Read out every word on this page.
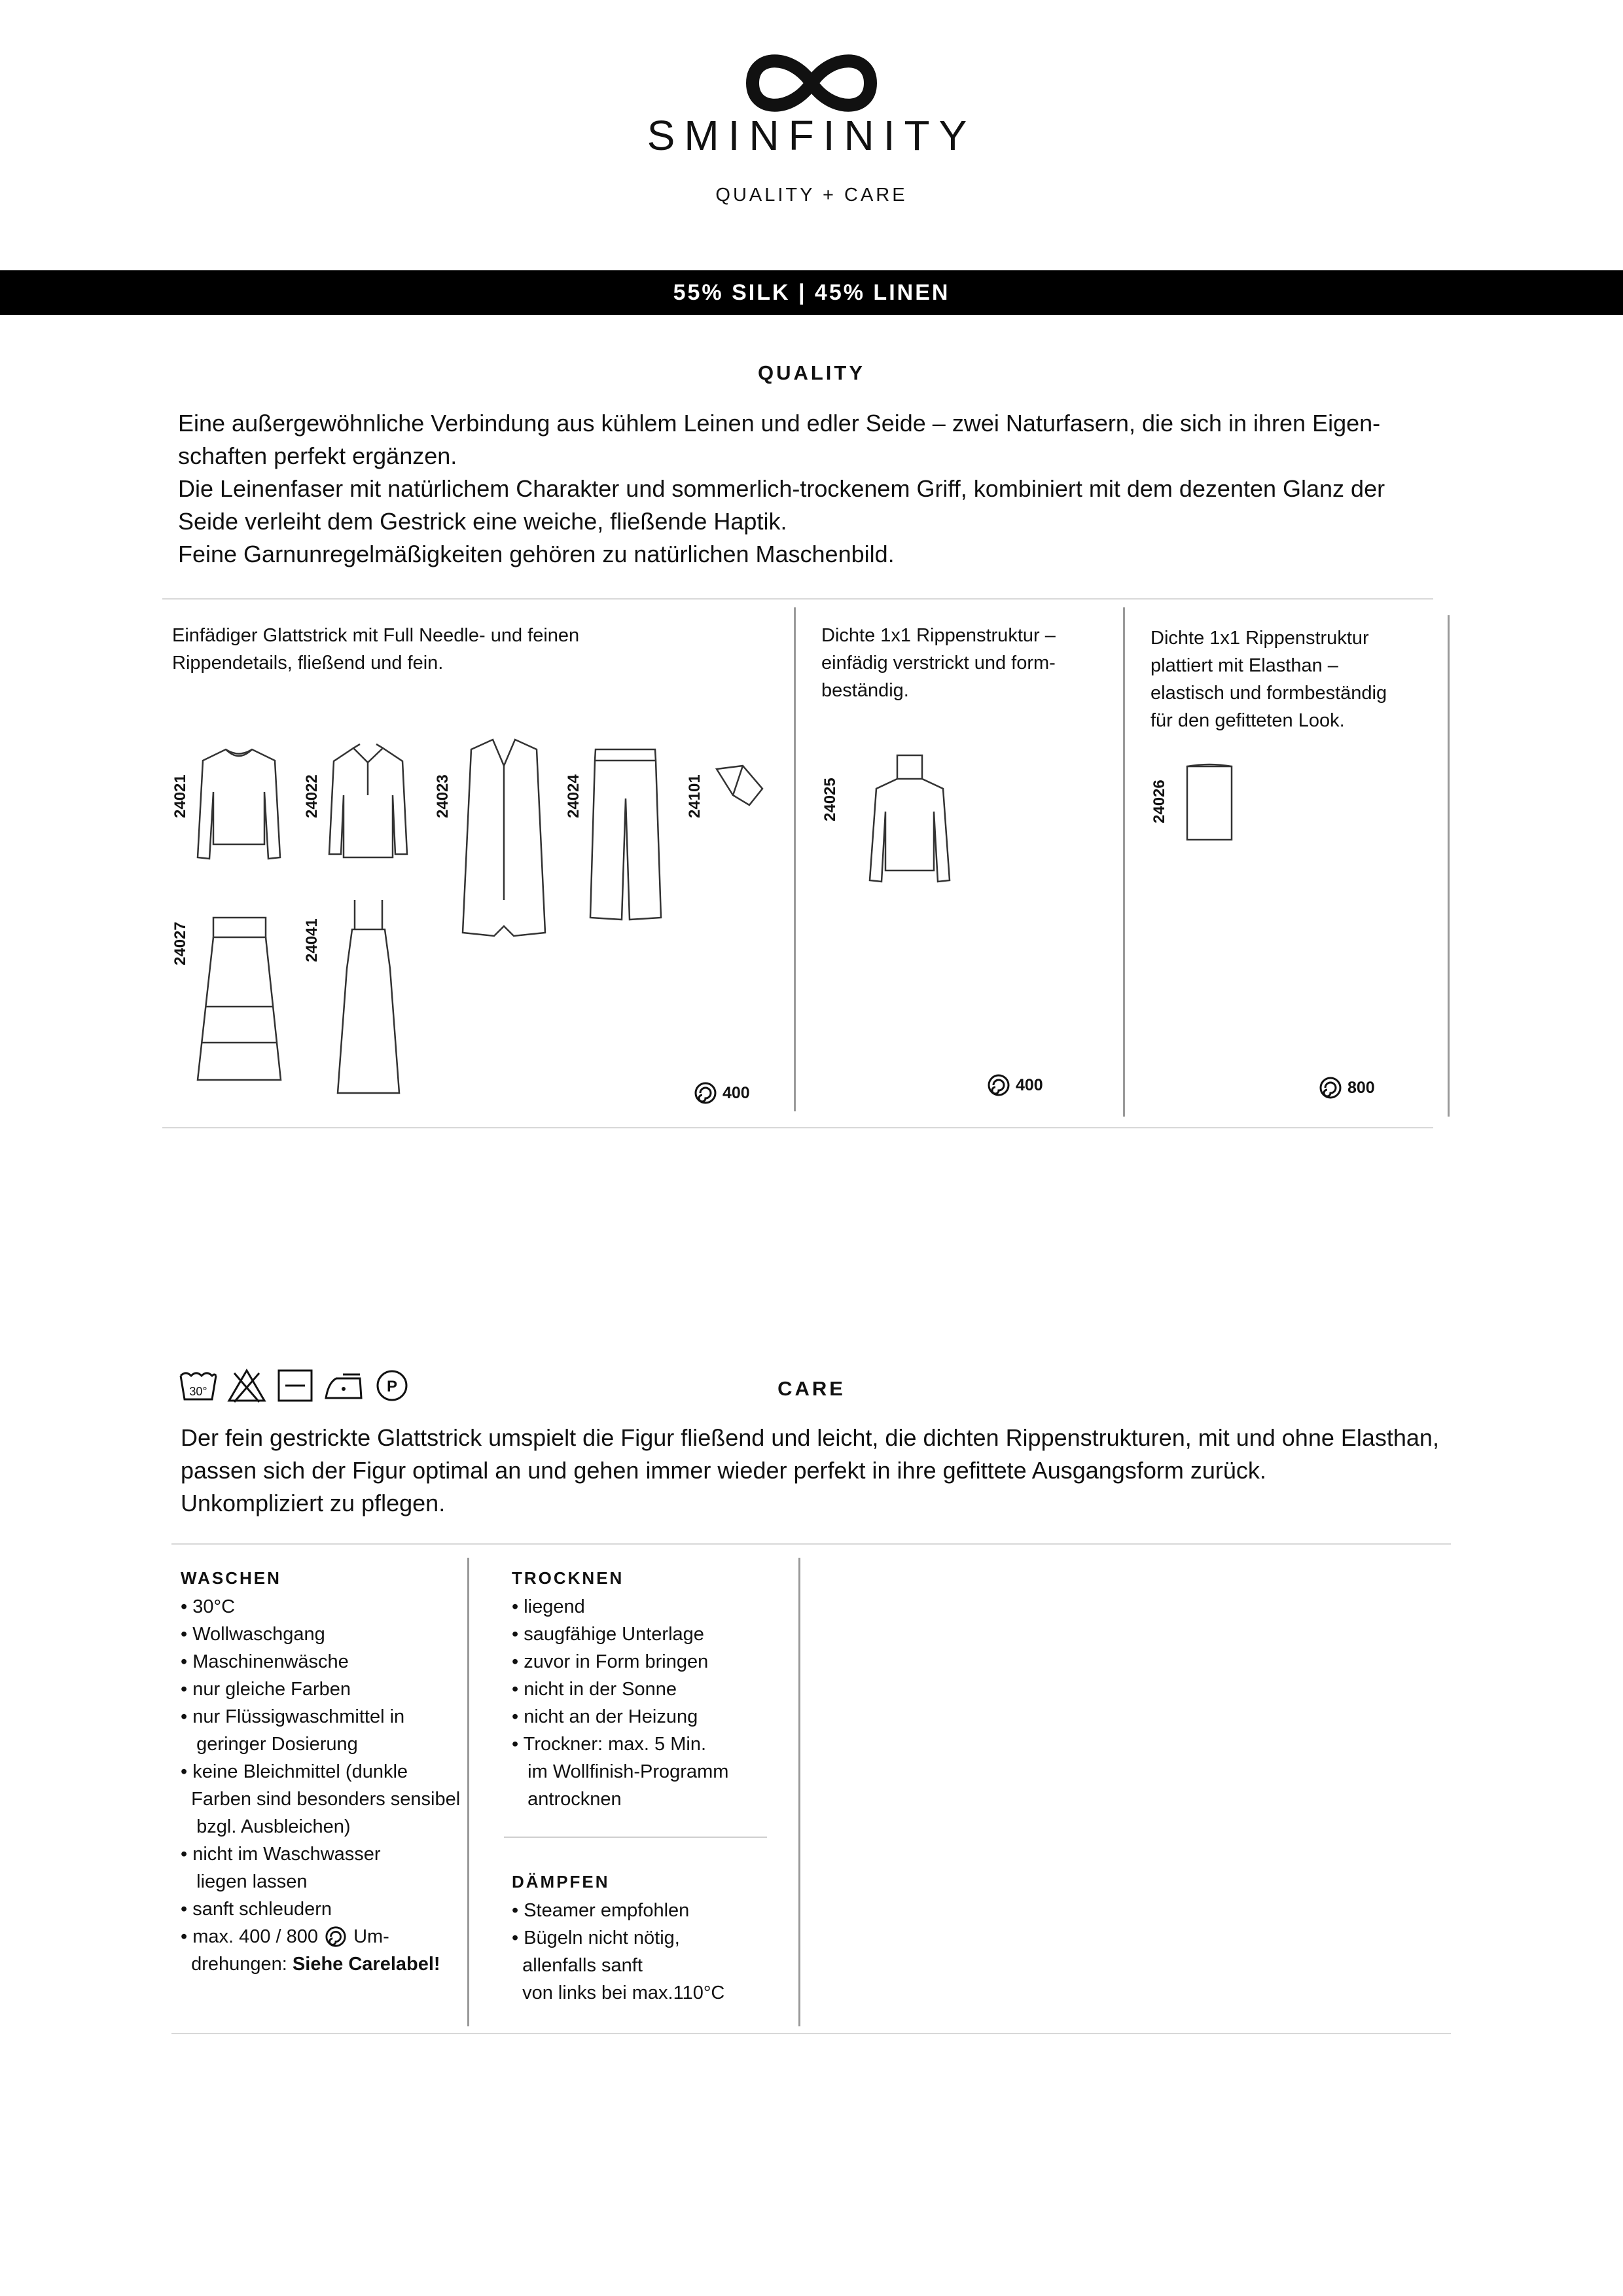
SMINFINITY
QUALITY + CARE
55% SILK | 45% LINEN
QUALITY

Eine außergewöhnliche Verbindung aus kühlem Leinen und edler Seide – zwei Naturfasern, die sich in ihren Eigen-

schaften perfekt ergänzen.

Die Leinenfaser mit natürlichem Charakter und sommerlich-trockenem Griff, kombiniert mit dem dezenten Glanz der

Seide verleiht dem Gestrick eine weiche, fließende Haptik.

Feine Garnunregelmäßigkeiten gehören zu natürlichen Maschenbild.

Einfädiger Glattstrick mit Full Needle- und feinen
Rippendetails, fließend und fein.
24021	24022	24023	24024	24101
24027	24041
400
Dichte 1x1 Rippenstruktur –
einfädig verstrickt und form-
beständig.
24025
400
Dichte 1x1 Rippenstruktur
plattiert mit Elasthan –
elastisch und formbeständig
für den gefitteten Look.
24026
800
30°	P	CARE
Der fein gestrickte Glattstrick umspielt die Figur fließend und leicht, die dichten Rippenstrukturen, mit und ohne Elasthan,
passen sich der Figur optimal an und gehen immer wieder perfekt in ihre gefittete Ausgangsform zurück.
Unkompliziert zu pflegen.
WASCHEN
• 30°C
• Wollwaschgang
• Maschinenwäsche
• nur gleiche Farben
• nur Flüssigwaschmittel in
geringer Dosierung
• keine Bleichmittel (dunkle
Farben sind besonders sensibel
bzgl. Ausbleichen)
• nicht im Waschwasser
liegen lassen
• sanft schleudern
• max. 400 / 800 Um-
drehungen: Siehe Carelabel!
TROCKNEN
• liegend
• saugfähige Unterlage
• zuvor in Form bringen
• nicht in der Sonne
• nicht an der Heizung
• Trockner: max. 5 Min.
im Wollfinish-Programm
antrocknen
DÄMPFEN
• Steamer empfohlen
• Bügeln nicht nötig,
allenfalls sanft
von links bei max.110°C
